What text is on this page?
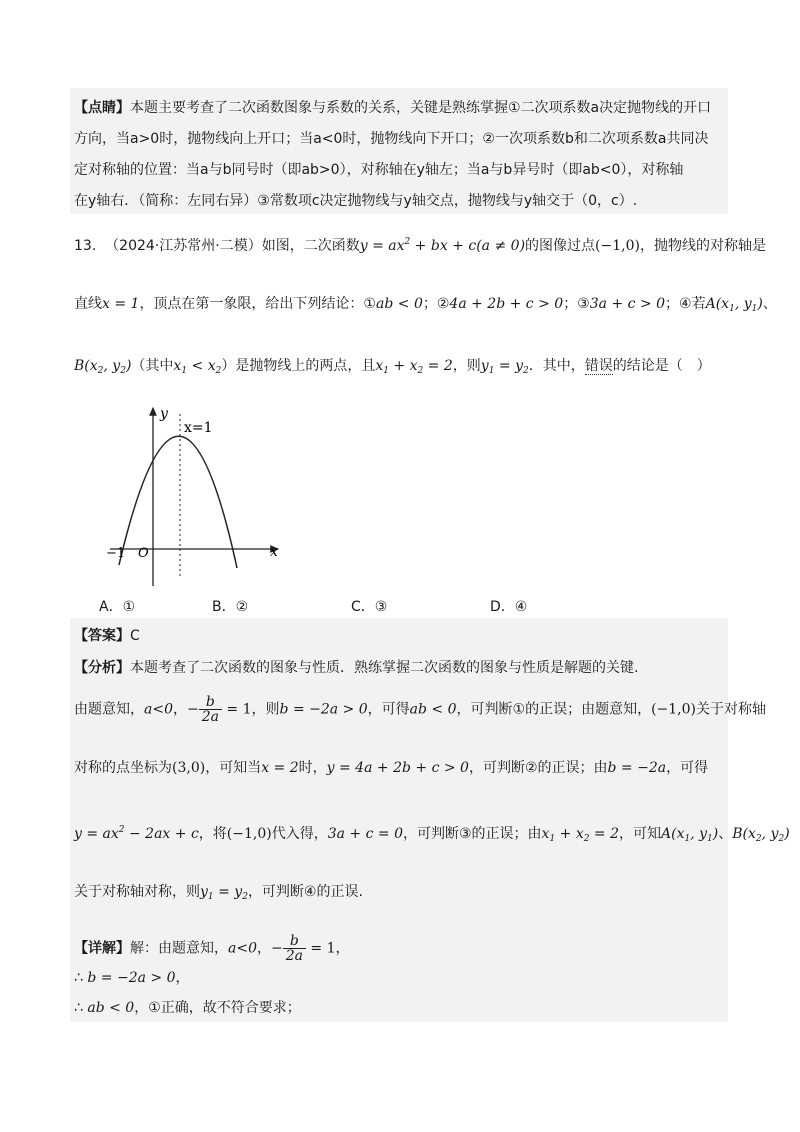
【点睛】本题主要考查了二次函数图象与系数的关系，关键是熟练掌握①二次项系数a决定抛物线的开口
方向，当a>0时，抛物线向上开口；当a<0时，抛物线向下开口；②一次项系数b和二次项系数a共同决
定对称轴的位置：当a与b同号时（即ab>0），对称轴在y轴左；当a与b异号时（即ab<0），对称轴
在y轴右．（简称：左同右异）③常数项c决定抛物线与y轴交点，抛物线与y轴交于（0，c）.
13. （2024·江苏常州·二模）如图，二次函数$y = ax^2$ + bx + c(a ≠ 0)的图像过点(−1,0)，抛物线的对称轴是
直线x = 1，顶点在第一象限，给出下列结论：①ab < 0；②4a + 2b + c > 0；③3a + c > 0；④若$A(x_1$, $y_1$)、
$B(x_2$, $y_2$)（其中$x_1 < x_2$）是抛物线上的两点，且$x_1 + x_2 = 2$，则$y_1 = y_2$．其中，错误的结论是（　）
y
x
O
−1
x=1
A．①	B．②	C．③	D．④
【答案】C
【分析】本题考查了二次函数的图象与性质．熟练掌握二次函数的图象与性质是解题的关键.
由题意知，a<0，− $\frac{b}{2a} = 1$，则b = −2a > 0，可得ab < 0，可判断①的正误；由题意知，(−1,0)关于对称轴
对称的点坐标为(3,0)，可知当x = 2时，y = 4a + 2b + c > 0，可判断②的正误；由b = −2a，可得
$y = ax^2 - 2ax + c$，将(−1,0)代入得，3a + c = 0，可判断③的正误；由$x_1 + x_2 = 2$，可知$A(x_1$, $y_1$)、$B(x_2$, $y_2$)
关于对称轴对称，则$y_1 = y_2$，可判断④的正误.
【详解】解：由题意知，a<0，− $\frac{b}{2a} = 1$，
∴ b = −2a > 0，
∴ ab < 0，①正确，故不符合要求；
